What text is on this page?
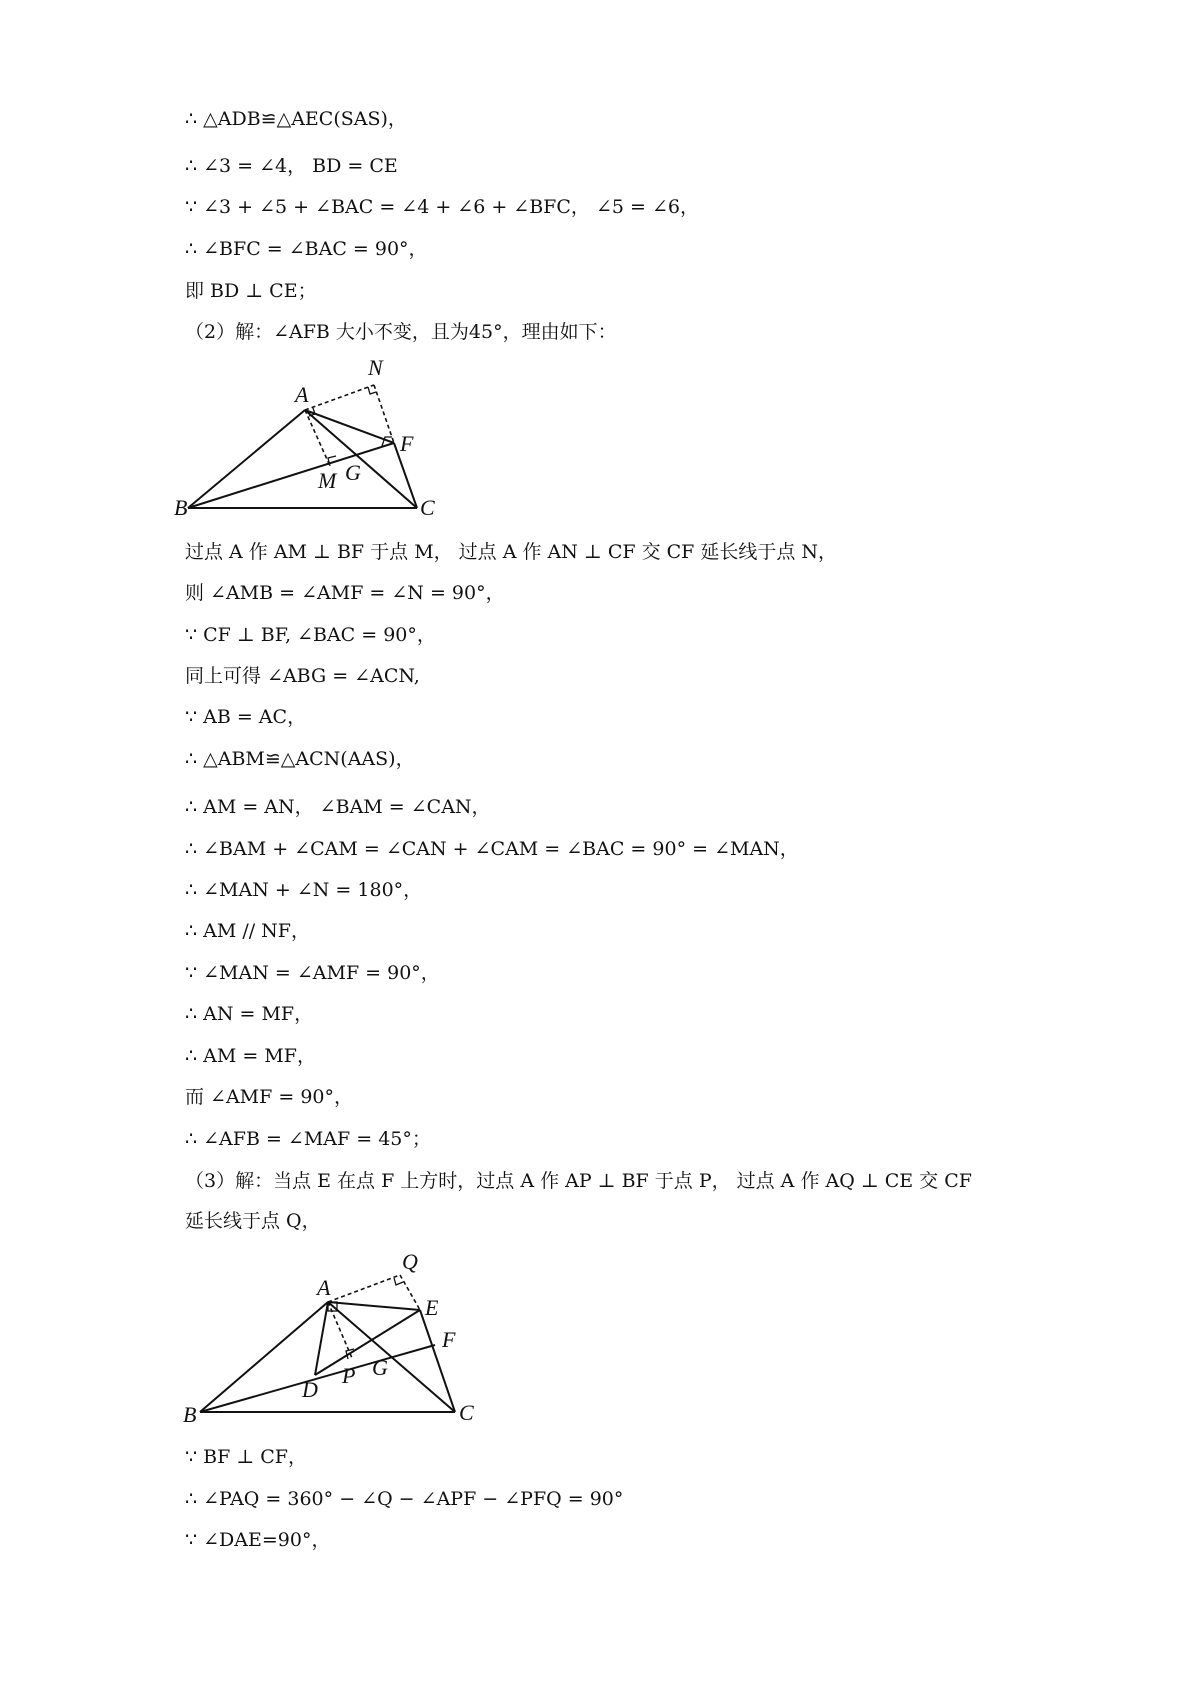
∴ △ADB≌△AEC(SAS)，
∴ ∠3 = ∠4， BD = CE
∵ ∠3 + ∠5 + ∠BAC = ∠4 + ∠6 + ∠BFC， ∠5 = ∠6，
∴ ∠BFC = ∠BAC = 90°，
即 BD ⊥ CE；
（2）解：∠AFB 大小不变，且为45°，理由如下：
A
N
F
M G
B	C
过点 A 作 AM ⊥ BF 于点 M， 过点 A 作 AN ⊥ CF 交 CF 延长线于点 N，
则 ∠AMB = ∠AMF = ∠N = 90°，
∵ CF ⊥ BF, ∠BAC = 90°，
同上可得 ∠ABG = ∠ACN,
∵ AB = AC，
∴ △ABM≌△ACN(AAS)，
∴ AM = AN， ∠BAM = ∠CAN，
∴ ∠BAM + ∠CAM = ∠CAN + ∠CAM = ∠BAC = 90° = ∠MAN，
∴ ∠MAN + ∠N = 180°，
∴ AM // NF，
∵ ∠MAN = ∠AMF = 90°，
∴ AN = MF，
∴ AM = MF，
而 ∠AMF = 90°，
∴ ∠AFB = ∠MAF = 45°；
（3）解：当点 E 在点 F 上方时，过点 A 作 AP ⊥ BF 于点 P， 过点 A 作 AQ ⊥ CE 交 CF
延长线于点 Q，
A
Q
E
F
P G
D
B	C
∵ BF ⊥ CF，
∴ ∠PAQ = 360° − ∠Q − ∠APF − ∠PFQ = 90°
∵ ∠DAE=90°，
